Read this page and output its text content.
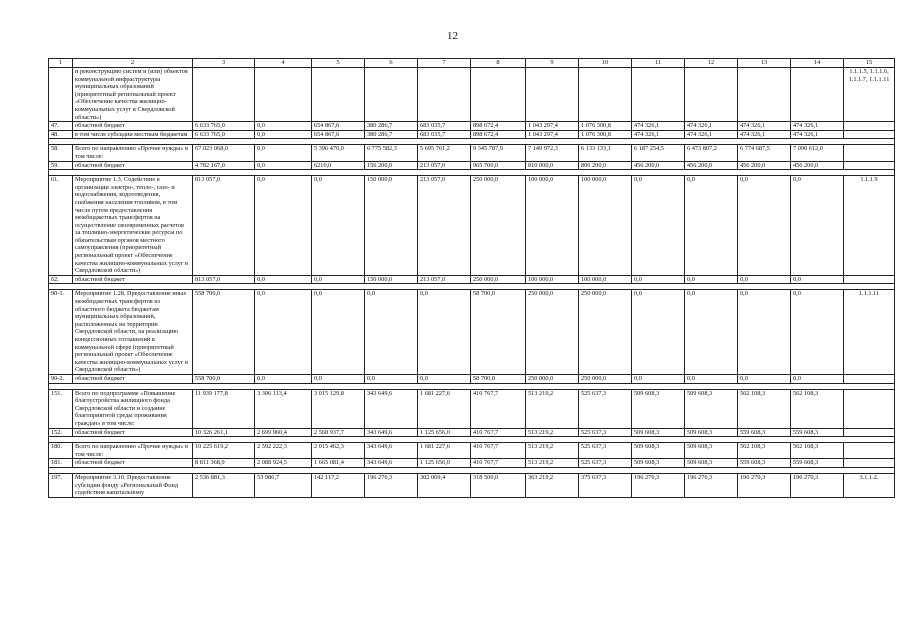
12
1	2	3	4	5	6	7	8	9	10	11	12	13	14	15
	и реконструкцию систем и (или) объектов коммунальной инфраструктуры муниципальных образований (приоритетный региональный проект «Обеспечение качества жилищно-коммунальных услуг в Свердловской области»)													1.1.1.5, 1.1.1.6, 1.1.1.7, 1.1.1.11
47.	областной бюджет	6 633 765,0	0,0	654 867,6	380 286,7	683 035,7	898 672,4	1 043 297,4	1 076 300,8	474 326,1	474 326,1	474 326,1	474 326,1	
48.	в том числе субсидии местным бюджетам	6 633 765,0	0,0	654 867,6	380 286,7	683 035,7	898 672,4	1 043 297,4	1 076 300,8	474 326,1	474 326,1	474 326,1	474 326,1	

58.	Всего по направлению «Прочие нужды» в том числе:	67 023 068,0	0,0	5 396 470,0	6 775 582,3	5 695 761,2	9 345 787,9	7 149 972,3	6 133 133,1	6 187 254,5	6 473 807,2	6 774 687,5	7 090 612,0	
59.	областной бюджет	4 782 167,0	0,0	6210,0	156 200,0	213 057,0	965 700,0	810 000,0	806 200,0	456 200,0	456 200,0	456 200,0	456 200,0	

61.	Мероприятие 1.3. Содействие в организации электро-, тепло-, газо- и водоснабжения, водоотведения, снабжения населения топливом, в том числе путем предоставления межбюджетных трансфертов на осуществление своевременных расчетов за топливно-энергетические ресурсы по обязательствам органов местного самоуправления (приоритетный региональный проект «Обеспечение качества жилищно-коммунальных услуг в Свердловской области»)	813 057,0	0,0	0,0	150 000,0	213 057,0	250 000,0	100 000,0	100 000,0	0,0	0,0	0,0	0,0	1.1.1.9
62.	областной бюджет	813 057,0	0,0	0,0	150 000,0	213 057,0	250 000,0	100 000,0	100 000,0	0,0	0,0	0,0	0,0	

90-1.	Мероприятие 1.28. Предоставление иных межбюджетных трансфертов из областного бюджета бюджетам муниципальных образований, расположенных на территории Свердловской области, на реализацию концессионных соглашений в коммунальной сфере (приоритетный региональный проект «Обеспечение качества жилищно-коммунальных услуг в Свердловской области»)	558 700,0	0,0	0,0	0,0	0,0	58 700,0	250 000,0	250 000,0	0,0	0,0	0,0	0,0	1.1.1.11
90-2.	областной бюджет	558 700,0	0,0	0,0	0,0	0,0	58 700,0	250 000,0	250 000,0	0,0	0,0	0,0	0,0	

151.	Всего по подпрограмме «Повышение благоустройства жилищного фонда Свердловской области и создание благоприятной среды проживания граждан» в том числе:	11 939 177,8	3 306 113,4	3 015 129,8	343 649,6	1 681 227,6	410 767,7	513 219,2	525 637,3	509 608,3	509 608,3	562 108,3	562 108,3	
152.	областной бюджет	10 326 261,1	2 699 960,4	2 568 937,7	343 649,6	1 125 656,0	410 767,7	513 219,2	525 637,3	509 608,3	509 608,3	559 608,3	559 608,3	

180.	Всего по направлению «Прочие нужды» в том числе:	10 225 619,2	2 592 222,3	2 015 462,3	343 649,6	1 681 227,6	410 767,7	513 219,2	525 637,3	509 608,3	509 608,3	562 108,3	562 108,3	
181.	областной бюджет	8 811 368,9	2 088 924,5	1 665 081,4	343 649,6	1 125 656,0	410 767,7	513 219,2	525 637,3	509 608,3	509 608,3	559 608,3	559 608,3	

197.	Мероприятие 3.10. Предоставление субсидии фонду «Региональный Фонд содействия капитальному	2 536 881,3	53 986,7	142 117,2	196 270,3	302 069,4	318 500,0	363 219,2	375 637,3	196 270,3	196 270,3	196 270,3	196 270,3	3.1.1.2.
